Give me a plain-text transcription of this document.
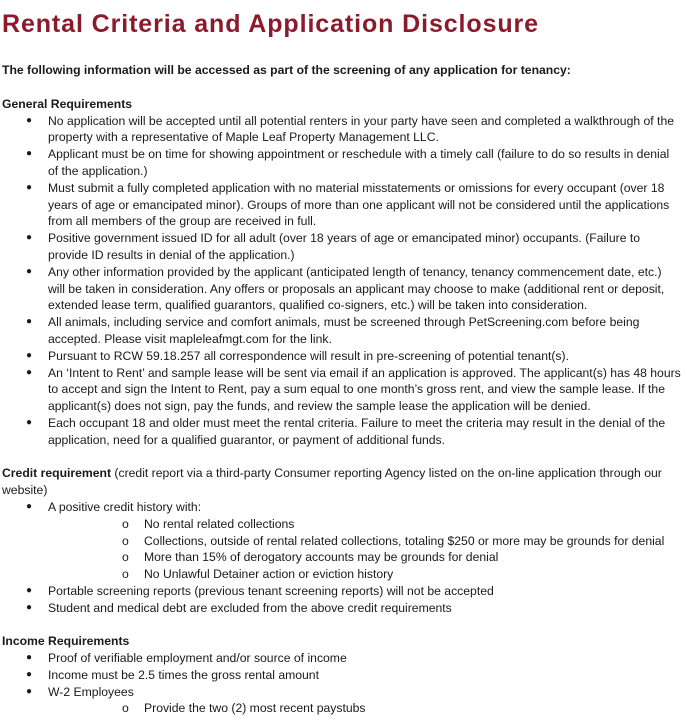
Rental Criteria and Application Disclosure

The following information will be accessed as part of the screening of any application for tenancy:

General Requirements

● No application will be accepted until all potential renters in your party have seen and completed a walkthrough of the property with a representative of Maple Leaf Property Management LLC.
● Applicant must be on time for showing appointment or reschedule with a timely call (failure to do so results in denial of the application.)
● Must submit a fully completed application with no material misstatements or omissions for every occupant (over 18 years of age or emancipated minor). Groups of more than one applicant will not be considered until the applications from all members of the group are received in full.
● Positive government issued ID for all adult (over 18 years of age or emancipated minor) occupants. (Failure to provide ID results in denial of the application.)
● Any other information provided by the applicant (anticipated length of tenancy, tenancy commencement date, etc.) will be taken in consideration. Any offers or proposals an applicant may choose to make (additional rent or deposit, extended lease term, qualified guarantors, qualified co-signers, etc.) will be taken into consideration.
● All animals, including service and comfort animals, must be screened through PetScreening.com before being accepted. Please visit mapleleafmgt.com for the link.
● Pursuant to RCW 59.18.257 all correspondence will result in pre-screening of potential tenant(s).
● An ‘Intent to Rent’ and sample lease will be sent via email if an application is approved. The applicant(s) has 48 hours to accept and sign the Intent to Rent, pay a sum equal to one month’s gross rent, and view the sample lease. If the applicant(s) does not sign, pay the funds, and review the sample lease the application will be denied.
● Each occupant 18 and older must meet the rental criteria. Failure to meet the criteria may result in the denial of the application, need for a qualified guarantor, or payment of additional funds.

Credit requirement (credit report via a third-party Consumer reporting Agency listed on the on-line application through our website)

● A positive credit history with:
o No rental related collections
o Collections, outside of rental related collections, totaling $250 or more may be grounds for denial
o More than 15% of derogatory accounts may be grounds for denial
o No Unlawful Detainer action or eviction history
● Portable screening reports (previous tenant screening reports) will not be accepted
● Student and medical debt are excluded from the above credit requirements

Income Requirements

● Proof of verifiable employment and/or source of income
● Income must be 2.5 times the gross rental amount
● W-2 Employees
o Provide the two (2) most recent paystubs
